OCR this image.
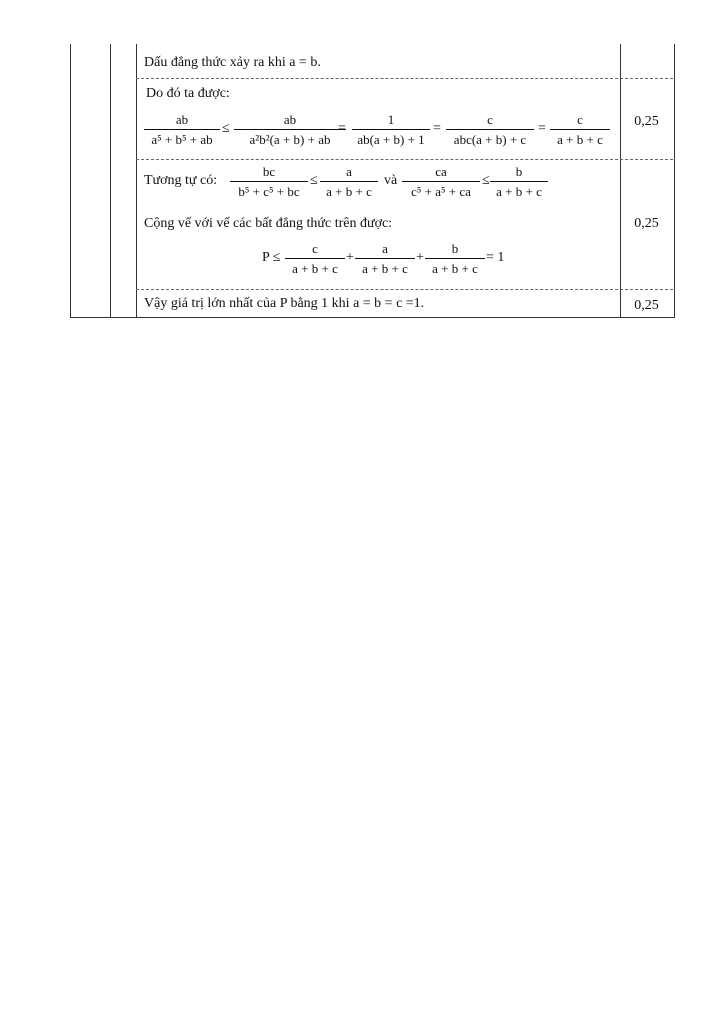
Dấu đẳng thức xảy ra khi a = b.
Do đó ta được:
$\frac{ab}{\text{a⁵ + b⁵ + ab}} \le \frac{ab}{\text{a²b²(a + b) + ab}}$
= $\frac{1}{ab(a + b) + 1}$ =
c
abc(a + b) + c
= $\frac{c}{a + b + c}$	0,25
Tương tự có: $\frac{bc}{\text{b⁵ + c⁵ + bc}} \le \frac{a}{a + b + c}$ và $\frac{ca}{\text{c⁵ + a⁵ + ca}} \le \frac{b}{a + b + c}$
Cộng vế với vế các bất đẳng thức trên được:
$P \le \frac{c}{a + b + c} + \frac{a}{a + b + c} + \frac{b}{a + b + c} = 1$
0,25
Vậy giá trị lớn nhất của P bằng 1 khi a = b = c =1.	0,25
